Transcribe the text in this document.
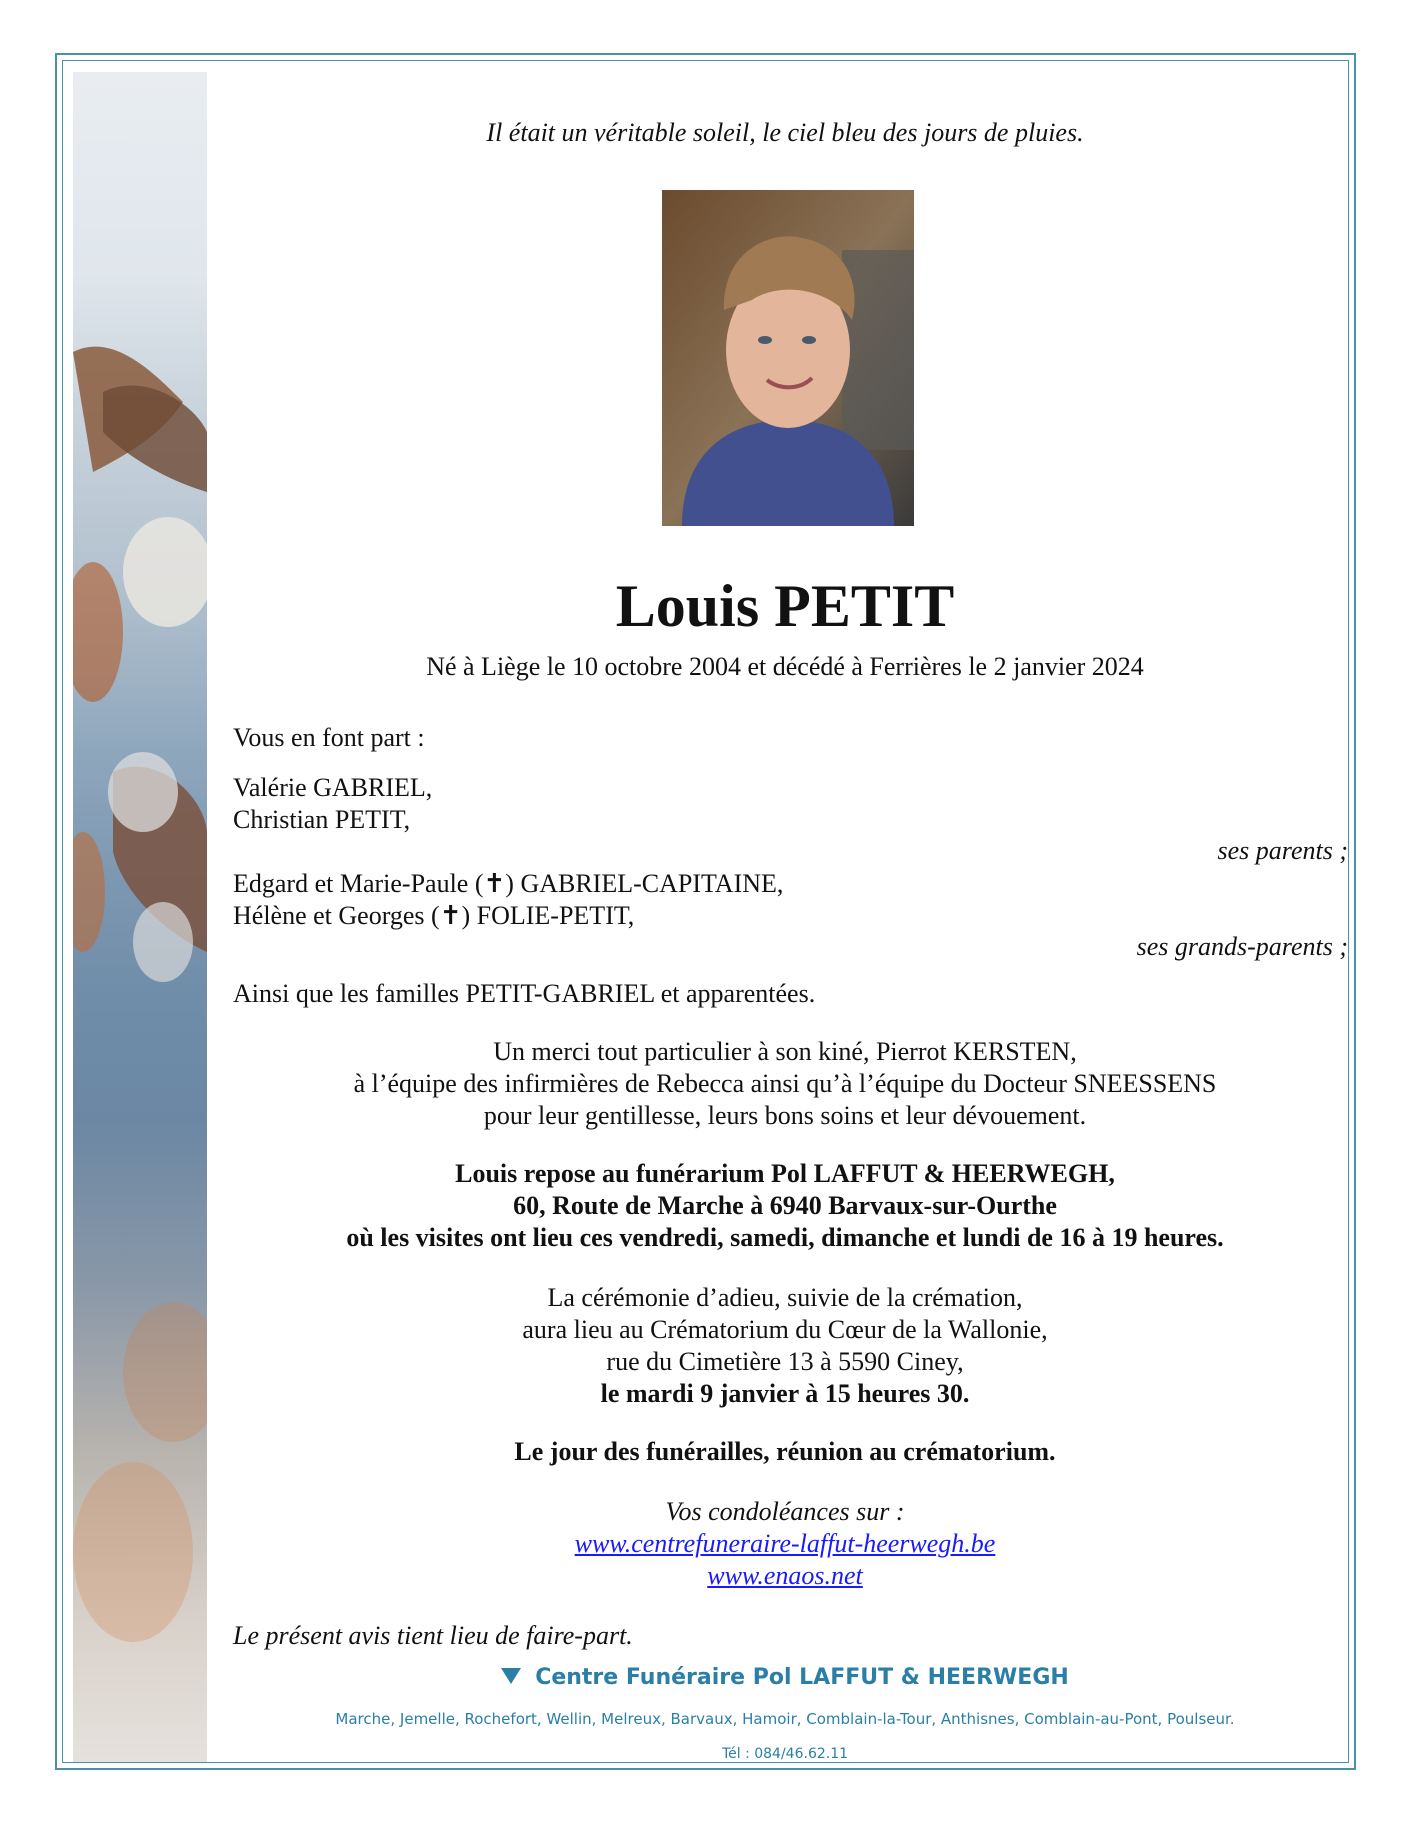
Il était un véritable soleil, le ciel bleu des jours de pluies.
Louis PETIT
Né à Liège le 10 octobre 2004 et décédé à Ferrières le 2 janvier 2024
Vous en font part :
Valérie GABRIEL,
Christian PETIT,
ses parents ;
Edgard et Marie-Paule (✝) GABRIEL-CAPITAINE,
Hélène et Georges (✝) FOLIE-PETIT,
ses grands-parents ;
Ainsi que les familles PETIT-GABRIEL et apparentées.
Un merci tout particulier à son kiné, Pierrot KERSTEN,
à l’équipe des infirmières de Rebecca ainsi qu’à l’équipe du Docteur SNEESSENS
pour leur gentillesse, leurs bons soins et leur dévouement.
Louis repose au funérarium Pol LAFFUT & HEERWEGH,
60, Route de Marche à 6940 Barvaux-sur-Ourthe
où les visites ont lieu ces vendredi, samedi, dimanche et lundi de 16 à 19 heures.
La cérémonie d’adieu, suivie de la crémation,
aura lieu au Crématorium du Cœur de la Wallonie,
rue du Cimetière 13 à 5590 Ciney,
le mardi 9 janvier à 15 heures 30.
Le jour des funérailles, réunion au crématorium.
Vos condoléances sur :
www.centrefuneraire-laffut-heerwegh.be
www.enaos.net
Le présent avis tient lieu de faire-part.
Centre Funéraire Pol LAFFUT & HEERWEGH
Marche, Jemelle, Rochefort, Wellin, Melreux, Barvaux, Hamoir, Comblain-la-Tour, Anthisnes, Comblain-au-Pont, Poulseur.
Tél : 084/46.62.11
